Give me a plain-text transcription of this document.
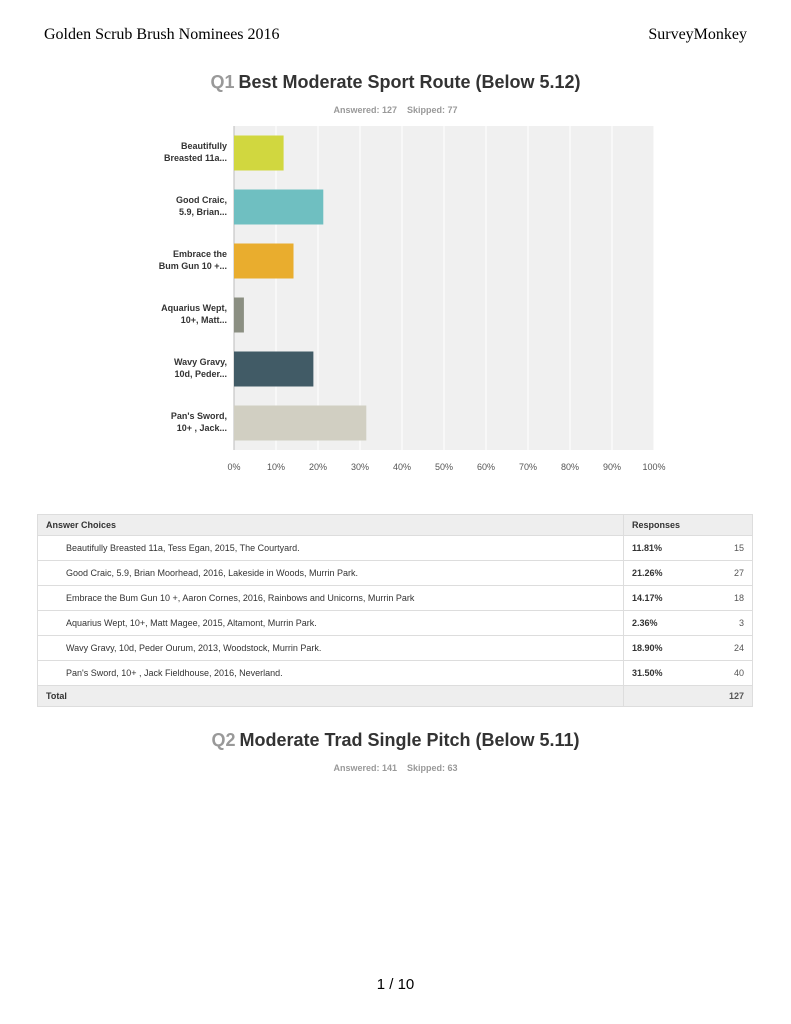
Golden Scrub Brush Nominees 2016	SurveyMonkey
Q1 Best Moderate Sport Route (Below 5.12)
Answered: 127 Skipped: 77
0%	10%	20%	30%	40%	50%	60%	70%	80%	90% 100%
Beautifully
Breasted 11a...
Good Craic,
5.9, Brian...
Embrace the
Bum Gun 10 +...
Aquarius Wept,
10+, Matt...
Wavy Gravy,
10d, Peder...
Pan's Sword,
10+ , Jack...
Answer Choices	Responses	
Beautifully Breasted 11a, Tess Egan, 2015, The Courtyard.	11.81%	15
Good Craic, 5.9, Brian Moorhead, 2016, Lakeside in Woods, Murrin Park.	21.26%	27
Embrace the Bum Gun 10 +, Aaron Cornes, 2016, Rainbows and Unicorns, Murrin Park	14.17%	18
Aquarius Wept, 10+, Matt Magee, 2015, Altamont, Murrin Park.	2.36%	3
Wavy Gravy, 10d, Peder Ourum, 2013, Woodstock, Murrin Park.	18.90%	24
Pan's Sword, 10+ , Jack Fieldhouse, 2016, Neverland.	31.50%	40
Total		127
Q2 Moderate Trad Single Pitch (Below 5.11)
Answered: 141 Skipped: 63
1 / 10
